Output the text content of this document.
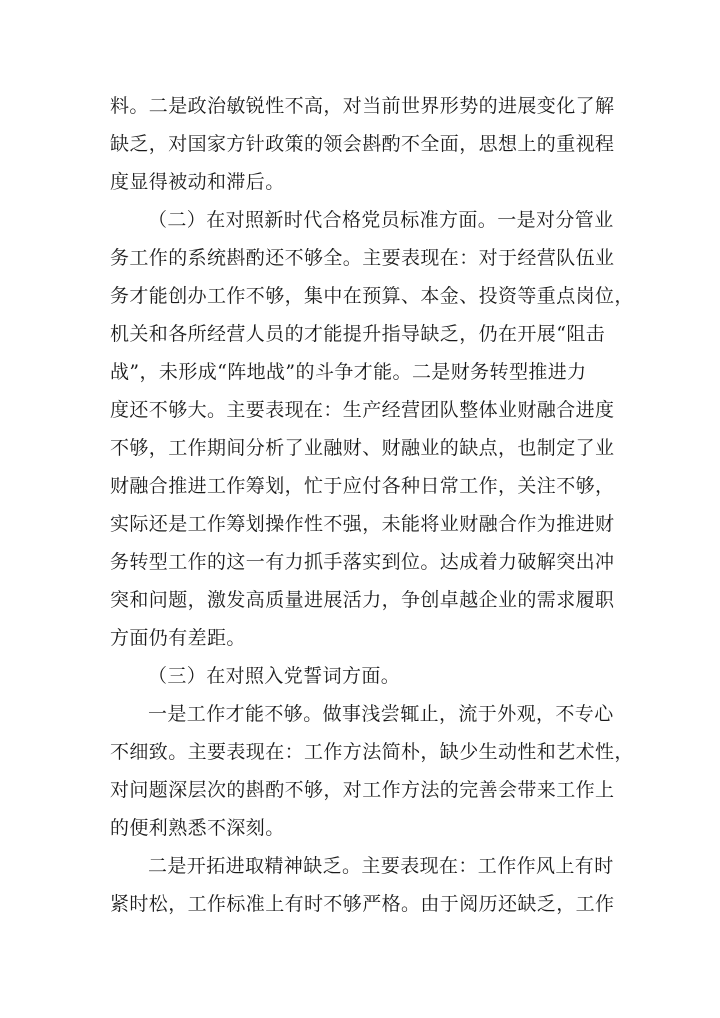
料。二是政治敏锐性不高，对当前世界形势的进展变化了解
缺乏，对国家方针政策的领会斟酌不全面，思想上的重视程
度显得被动和滞后。
（二）在对照新时代合格党员标准方面。一是对分管业
务工作的系统斟酌还不够全。主要表现在：对于经营队伍业
务才能创办工作不够，集中在预算、本金、投资等重点岗位，
机关和各所经营人员的才能提升指导缺乏，仍在开展“阻击
战”，未形成“阵地战”的斗争才能。二是财务转型推进力
度还不够大。主要表现在：生产经营团队整体业财融合进度
不够，工作期间分析了业融财、财融业的缺点，也制定了业
财融合推进工作筹划，忙于应付各种日常工作，关注不够，
实际还是工作筹划操作性不强，未能将业财融合作为推进财
务转型工作的这一有力抓手落实到位。达成着力破解突出冲
突和问题，激发高质量进展活力，争创卓越企业的需求履职
方面仍有差距。
（三）在对照入党誓词方面。
一是工作才能不够。做事浅尝辄止，流于外观，不专心
不细致。主要表现在：工作方法简朴，缺少生动性和艺术性，
对问题深层次的斟酌不够，对工作方法的完善会带来工作上
的便利熟悉不深刻。
二是开拓进取精神缺乏。主要表现在：工作作风上有时
紧时松，工作标准上有时不够严格。由于阅历还缺乏，工作
